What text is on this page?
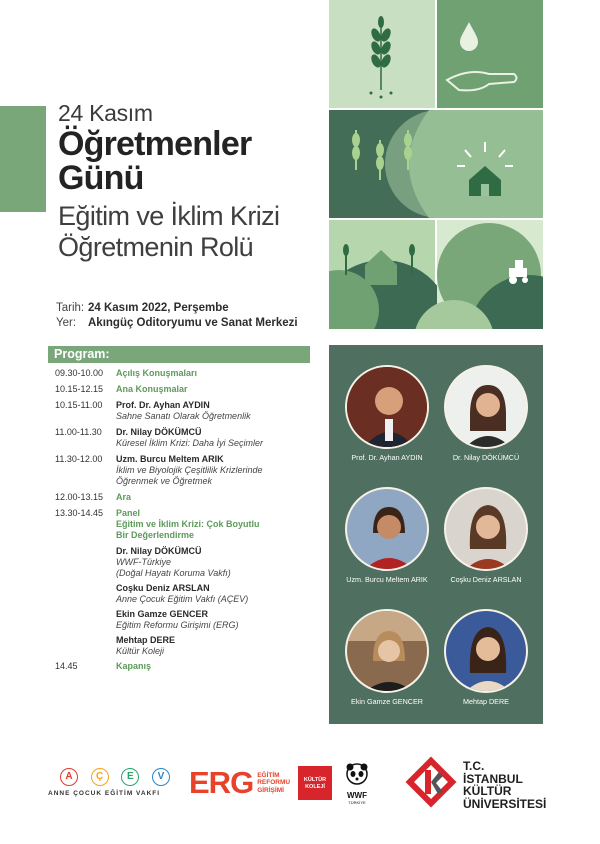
24 Kasım
Öğretmenler
Günü
Eğitim ve İklim Krizi
Öğretmenin Rolü
Tarih: 24 Kasım 2022, Perşembe
Yer:	Akıngüç Oditoryumu ve Sanat Merkezi
Program:
09.30-10.00	Açılış Konuşmaları
10.15-12.15	Ana Konuşmalar
10.15-11.00	Prof. Dr. Ayhan AYDIN
Sahne Sanatı Olarak Öğretmenlik
11.00-11.30	Dr. Nilay DÖKÜMCÜ
Küresel İklim Krizi: Daha İyi Seçimler
11.30-12.00	Uzm. Burcu Meltem ARIK
İklim ve Biyolojik Çeşitlilik Krizlerinde
Öğrenmek ve Öğretmek
12.00-13.15	Ara
13.30-14.45	Panel
Eğitim ve İklim Krizi: Çok Boyutlu
Bir Değerlendirme
Dr. Nilay DÖKÜMCÜ
WWF-Türkiye
(Doğal Hayatı Koruma Vakfı)
Coşku Deniz ARSLAN
Anne Çocuk Eğitim Vakfı (AÇEV)
Ekin Gamze GENCER
Eğitim Reformu Girişimi (ERG)
Mehtap DERE
Kültür Koleji
14.45	Kapanış
Prof. Dr. Ayhan AYDIN	Dr. Nilay DÖKÜMCÜ
Uzm. Burcu Meltem ARIK	Coşku Deniz ARSLAN
Ekin Gamze GENCER	Mehtap DERE
A	Ç	E	V
ANNE ÇOCUK EĞİTİM VAKFI ERG EĞİTİM
REFORMU
GİRİŞİMİ
KÜLTÜR
KOLEJİ
WWF
TÜRKİYE
T.C.
İSTANBUL
KÜLTÜR
ÜNİVERSİTESİ
